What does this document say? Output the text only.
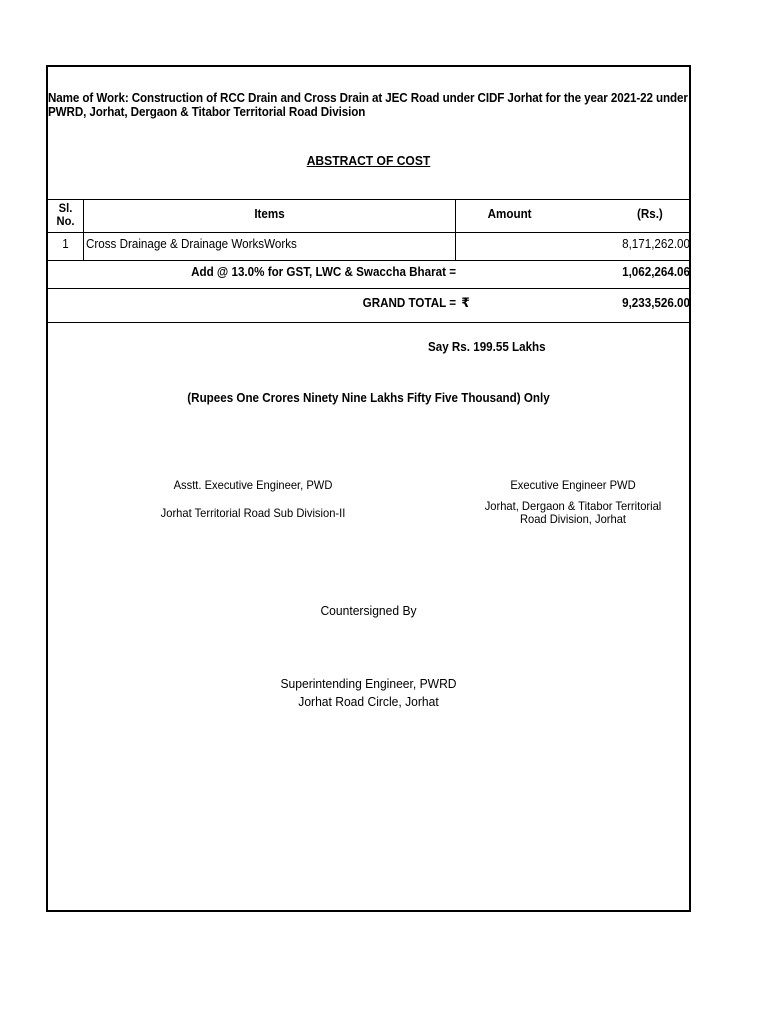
Name of Work: Construction of RCC Drain and Cross Drain at JEC Road under CIDF Jorhat for the year 2021-22 under PWRD, Jorhat, Dergaon & Titabor Territorial Road Division
ABSTRACT OF COST
Sl. No.	Items	Amount	(Rs.)
1	Cross Drainage & Drainage WorksWorks	8,171,262.00
Add @ 13.0% for GST, LWC & Swaccha Bharat =	1,062,264.06
GRAND TOTAL = ₹	9,233,526.00
Say Rs. 199.55 Lakhs
(Rupees One Crores Ninety Nine Lakhs Fifty Five Thousand) Only
Asstt. Executive Engineer, PWD
Jorhat Territorial Road Sub Division-II
Executive Engineer PWD
Jorhat, Dergaon & Titabor Territorial Road Division, Jorhat
Countersigned By
Superintending Engineer, PWRD
Jorhat Road Circle, Jorhat
